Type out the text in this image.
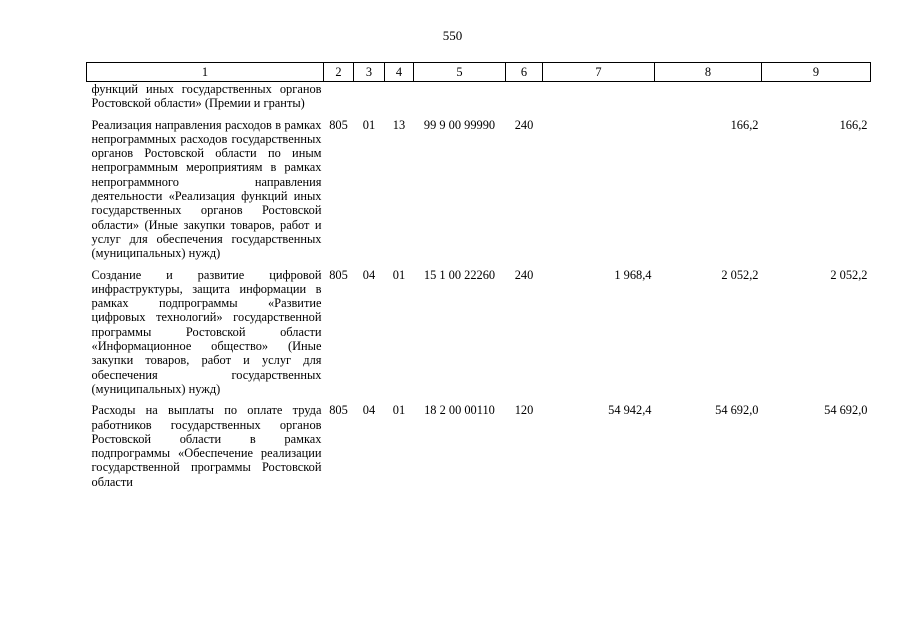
550
1	2	3	4	5	6	7	8	9
функций иных государственных органов Ростовской области» (Премии и гранты)								
Реализация направления расходов в рамках непрограммных расходов государственных органов Ростовской области по иным непрограммным мероприятиям в рамках непрограммного направления деятельности «Реализация функций иных государственных органов Ростовской области» (Иные закупки товаров, работ и услуг для обеспечения государственных (муниципальных) нужд)	805	01	13	99 9 00 99990	240		166,2	166,2
Создание и развитие цифровой инфраструктуры, защита информации в рамках подпрограммы «Развитие цифровых технологий» государственной программы Ростовской области «Информационное общество» (Иные закупки товаров, работ и услуг для обеспечения государственных (муниципальных) нужд)	805	04	01	15 1 00 22260	240	1 968,4	2 052,2	2 052,2
Расходы на выплаты по оплате труда работников государственных органов Ростовской области в рамках подпрограммы «Обеспечение реализации государственной программы Ростовской области	805	04	01	18 2 00 00110	120	54 942,4	54 692,0	54 692,0
